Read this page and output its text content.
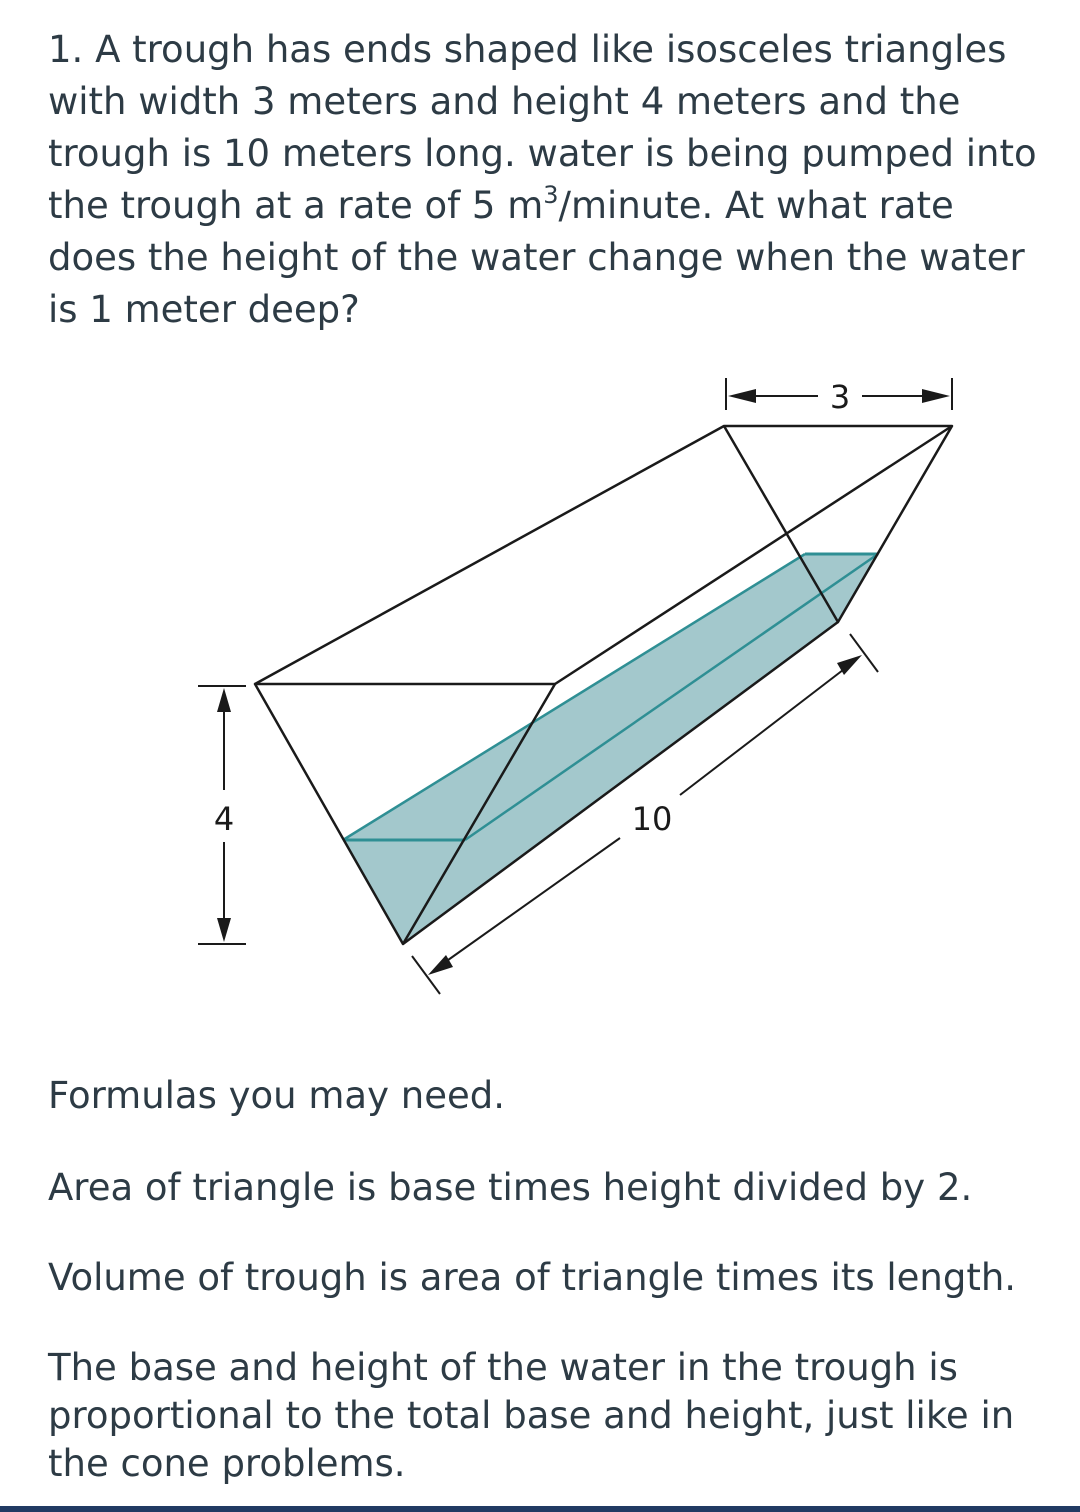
1. A trough has ends shaped like isosceles triangles with width 3 meters and height 4 meters and the trough is 10 meters long. water is being pumped into the trough at a rate of 5 $m^3$/minute. At what rate does the height of the water change when the water is 1 meter deep?

3
4	10

Formulas you may need.

Area of triangle is base times height divided by 2.

Volume of trough is area of triangle times its length.

The base and height of the water in the trough is proportional to the total base and height, just like in the cone problems.
